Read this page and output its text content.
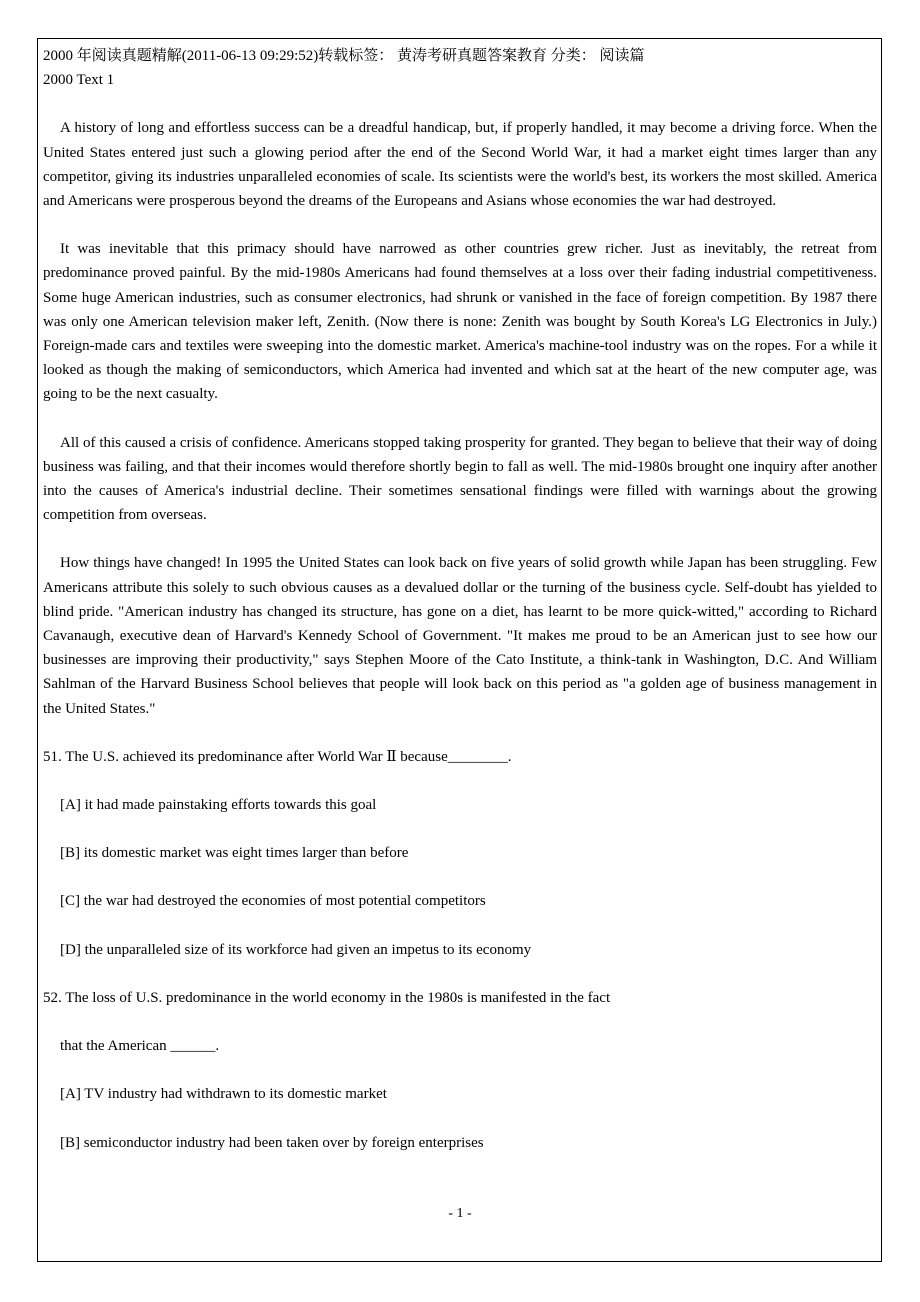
2000 年阅读真题精解(2011-06-13 09:29:52)转载标签： 黄涛考研真题答案教育 分类： 阅读篇

2000 Text 1

A history of long and effortless success can be a dreadful handicap, but, if properly handled, it may become a driving force. When the United States entered just such a glowing period after the end of the Second World War, it had a market eight times larger than any competitor, giving its industries unparalleled economies of scale. Its scientists were the world's best, its workers the most skilled. America and Americans were prosperous beyond the dreams of the Europeans and Asians whose economies the war had destroyed.

It was inevitable that this primacy should have narrowed as other countries grew richer. Just as inevitably, the retreat from predominance proved painful. By the mid-1980s Americans had found themselves at a loss over their fading industrial competitiveness. Some huge American industries, such as consumer electronics, had shrunk or vanished in the face of foreign competition. By 1987 there was only one American television maker left, Zenith. (Now there is none: Zenith was bought by South Korea's LG Electronics in July.) Foreign-made cars and textiles were sweeping into the domestic market. America's machine-tool industry was on the ropes. For a while it looked as though the making of semiconductors, which America had invented and which sat at the heart of the new computer age, was going to be the next casualty.

All of this caused a crisis of confidence. Americans stopped taking prosperity for granted. They began to believe that their way of doing business was failing, and that their incomes would therefore shortly begin to fall as well. The mid-1980s brought one inquiry after another into the causes of America's industrial decline. Their sometimes sensational findings were filled with warnings about the growing competition from overseas.

How things have changed! In 1995 the United States can look back on five years of solid growth while Japan has been struggling. Few Americans attribute this solely to such obvious causes as a devalued dollar or the turning of the business cycle. Self-doubt has yielded to blind pride. "American industry has changed its structure, has gone on a diet, has learnt to be more quick-witted," according to Richard Cavanaugh, executive dean of Harvard's Kennedy School of Government. "It makes me proud to be an American just to see how our businesses are improving their productivity," says Stephen Moore of the Cato Institute, a think-tank in Washington, D.C. And William Sahlman of the Harvard Business School believes that people will look back on this period as "a golden age of business management in the United States."

51. The U.S. achieved its predominance after World War Ⅱ because________.

[A] it had made painstaking efforts towards this goal

[B] its domestic market was eight times larger than before

[C] the war had destroyed the economies of most potential competitors

[D] the unparalleled size of its workforce had given an impetus to its economy

52. The loss of U.S. predominance in the world economy in the 1980s is manifested in the fact

that the American ______.

[A] TV industry had withdrawn to its domestic market

[B] semiconductor industry had been taken over by foreign enterprises

- 1 -
